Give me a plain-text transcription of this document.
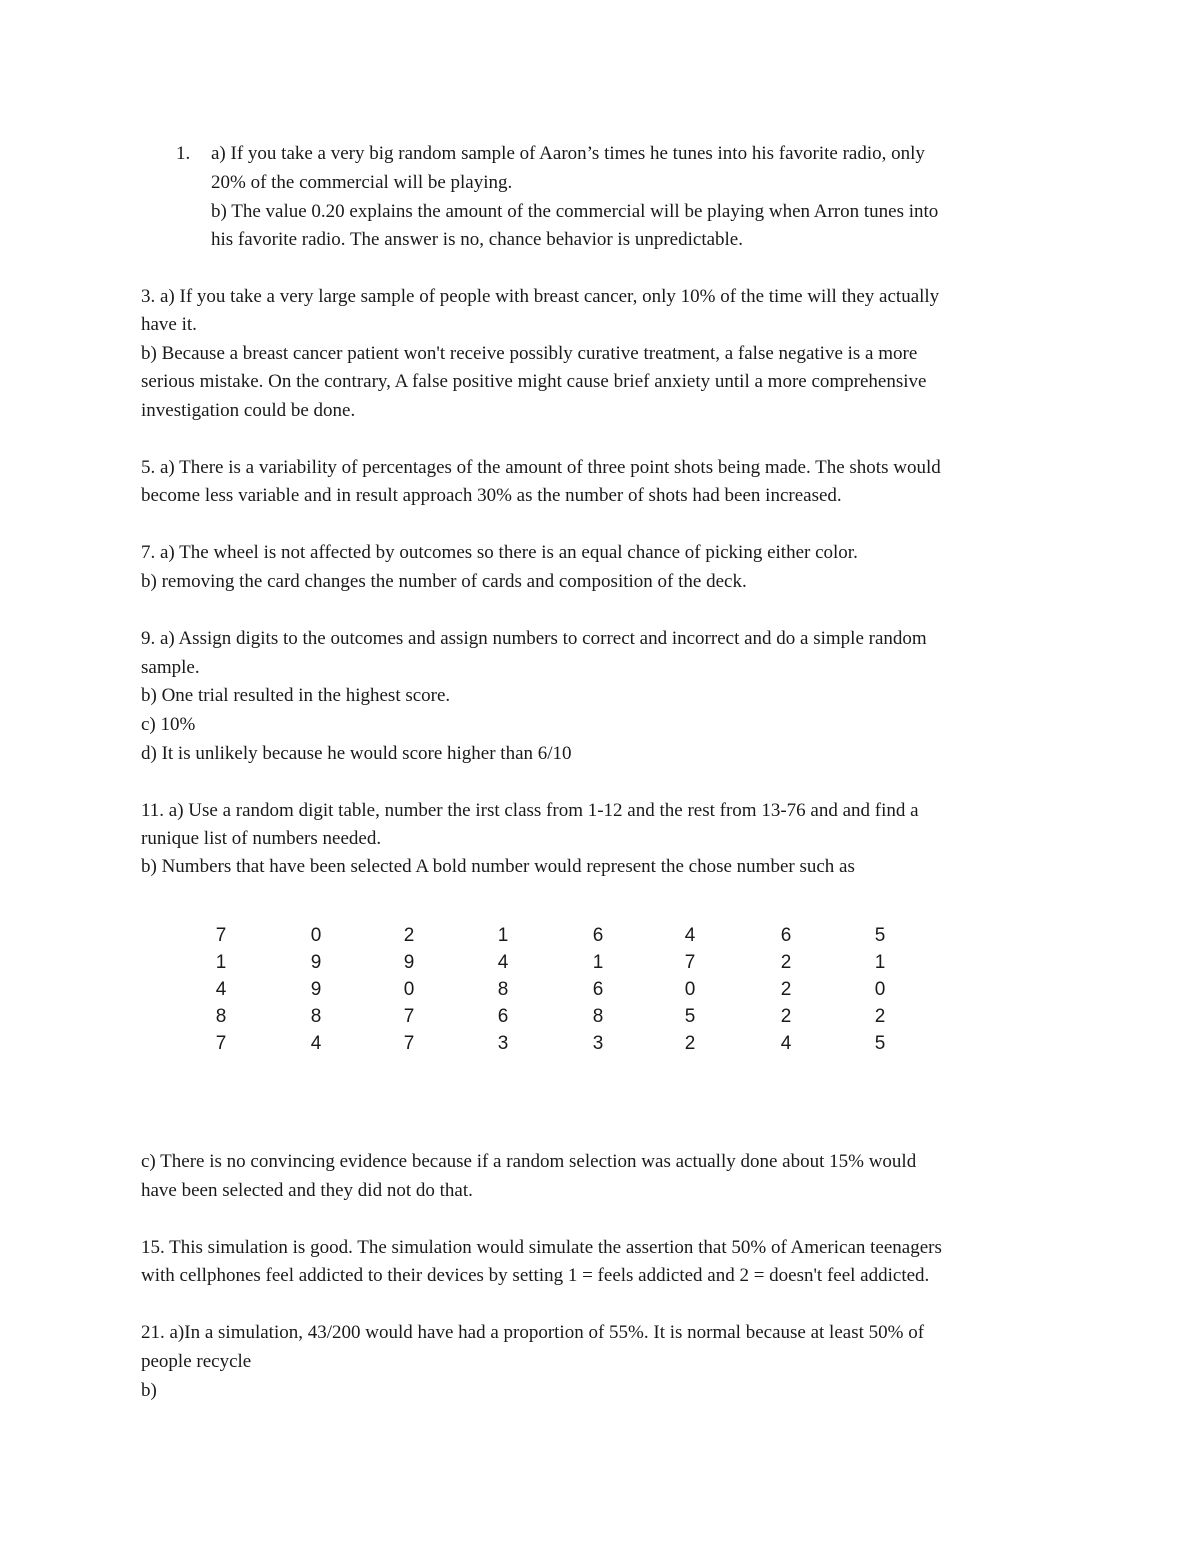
1. a) If you take a very big random sample of Aaron’s times he tunes into his favorite radio, only
20% of the commercial will be playing.
b) The value 0.20 explains the amount of the commercial will be playing when Arron tunes into
his favorite radio. The answer is no, chance behavior is unpredictable.
3. a) If you take a very large sample of people with breast cancer, only 10% of the time will they actually
have it.
b) Because a breast cancer patient won't receive possibly curative treatment, a false negative is a more
serious mistake. On the contrary, A false positive might cause brief anxiety until a more comprehensive
investigation could be done.
5. a) There is a variability of percentages of the amount of three point shots being made. The shots would
become less variable and in result approach 30% as the number of shots had been increased.
7. a) The wheel is not affected by outcomes so there is an equal chance of picking either color.
b) removing the card changes the number of cards and composition of the deck.
9. a) Assign digits to the outcomes and assign numbers to correct and incorrect and do a simple random
sample.
b) One trial resulted in the highest score.
c) 10%
d) It is unlikely because he would score higher than 6/10
11. a) Use a random digit table, number the irst class from 1-12 and the rest from 13-76 and and find a
runique list of numbers needed.
b) Numbers that have been selected A bold number would represent the chose number such as
7	0	2	1	6	4	6	5
1	9	9	4	1	7	2	1
4	9	0	8	6	0	2	0
8	8	7	6	8	5	2	2
7	4	7	3	3	2	4	5
c) There is no convincing evidence because if a random selection was actually done about 15% would
have been selected and they did not do that.
15. This simulation is good. The simulation would simulate the assertion that 50% of American teenagers
with cellphones feel addicted to their devices by setting 1 = feels addicted and 2 = doesn't feel addicted.
21. a)In a simulation, 43/200 would have had a proportion of 55%. It is normal because at least 50% of
people recycle
b)
